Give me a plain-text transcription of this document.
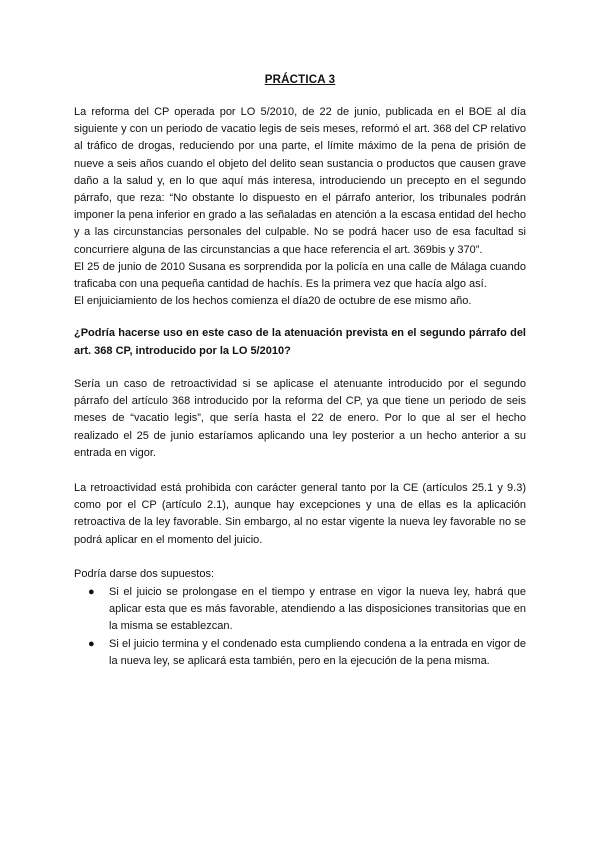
PRÁCTICA 3

La reforma del CP operada por LO 5/2010, de 22 de junio, publicada en el BOE al día siguiente y con un periodo de vacatio legis de seis meses, reformó el art. 368 del CP relativo al tráfico de drogas, reduciendo por una parte, el límite máximo de la pena de prisión de nueve a seis años cuando el objeto del delito sean sustancia o productos que causen grave daño a la salud y, en lo que aquí más interesa, introduciendo un precepto en el segundo párrafo, que reza: “No obstante lo dispuesto en el párrafo anterior, los tribunales podrán imponer la pena inferior en grado a las señaladas en atención a la escasa entidad del hecho y a las circunstancias personales del culpable. No se podrá hacer uso de esa facultad si concurriere alguna de las circunstancias a que hace referencia el art. 369bis y 370”.

El 25 de junio de 2010 Susana es sorprendida por la policía en una calle de Málaga cuando traficaba con una pequeña cantidad de hachís. Es la primera vez que hacía algo así.

El enjuiciamiento de los hechos comienza el día20 de octubre de ese mismo año.

¿Podría hacerse uso en este caso de la atenuación prevista en el segundo párrafo del art. 368 CP, introducido por la LO 5/2010?

Sería un caso de retroactividad si se aplicase el atenuante introducido por el segundo párrafo del artículo 368 introducido por la reforma del CP, ya que tiene un periodo de seis meses de “vacatio legis”, que sería hasta el 22 de enero. Por lo que al ser el hecho realizado el 25 de junio estaríamos aplicando una ley posterior a un hecho anterior a su entrada en vigor.

La retroactividad está prohibida con carácter general tanto por la CE (artículos 25.1 y 9.3) como por el CP (artículo 2.1), aunque hay excepciones y una de ellas es la aplicación retroactiva de la ley favorable. Sin embargo, al no estar vigente la nueva ley favorable no se podrá aplicar en el momento del juicio.

Podría darse dos supuestos:

● Si el juicio se prolongase en el tiempo y entrase en vigor la nueva ley, habrá que aplicar esta que es más favorable, atendiendo a las disposiciones transitorias que en la misma se establezcan.
● Si el juicio termina y el condenado esta cumpliendo condena a la entrada en vigor de la nueva ley, se aplicará esta también, pero en la ejecución de la pena misma.
